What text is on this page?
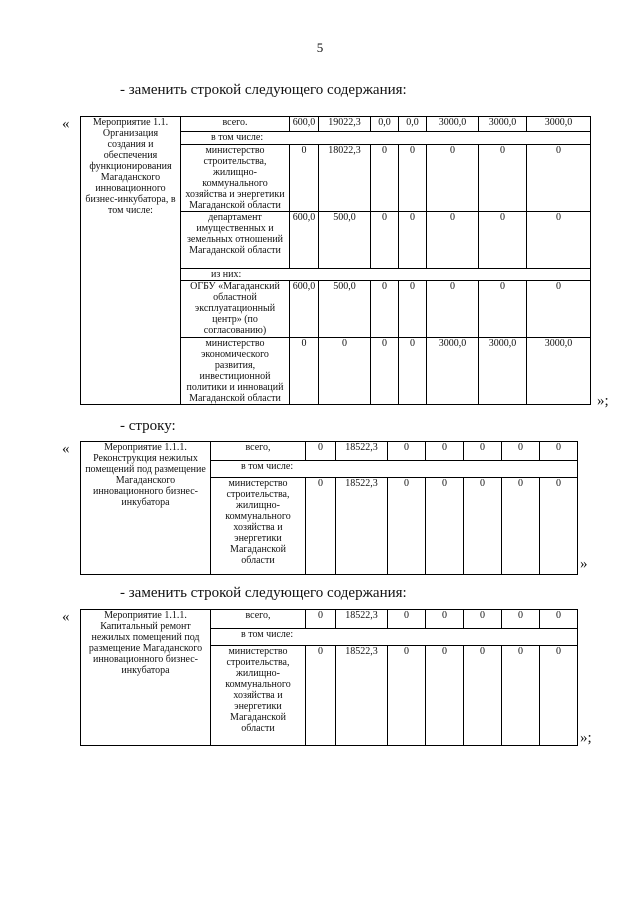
5
- заменить строкой следующего содержания:
« Мероприятие 1.1. Организация создания и обеспечения функционирования Магаданского инновационного бизнес-инкубатора, в том числе:	всего.	600,0	19022,3	0,0	0,0	3000,0	3000,0	3000,0
	в том числе:							
	министерство строительства, жилищно-коммунального хозяйства и энергетики Магаданской области	0	18022,3	0	0	0	0	0
	департамент имущественных и земельных отношений Магаданской области	600,0	500,0	0	0	0	0	0
	из них:							
	ОГБУ «Магаданский областной эксплуатационный центр» (по согласованию)	600,0	500,0	0	0	0	0	0
	министерство экономического развития, инвестиционной политики и инноваций Магаданской области	0	0	0	0	3000,0	3000,0	3000,0
»;
- строку:
«	Мероприятие 1.1.1. Реконструкция нежилых помещений под размещение Магаданского инновационного бизнес-инкубатора	всего,	0	18522,3	0	0	0	0	0
	в том числе:							
	министерство строительства, жилищно-коммунального хозяйства и энергетики Магаданской области	0	18522,3	0	0	0	0	0
»
- заменить строкой следующего содержания:
«	Мероприятие 1.1.1. Капитальный ремонт нежилых помещений под размещение Магаданского инновационного бизнес-инкубатора	всего,	0	18522,3	0	0	0	0	0
	в том числе:							
	министерство строительства, жилищно-коммунального хозяйства и энергетики Магаданской области	0	18522,3	0	0	0	0	0
»;
